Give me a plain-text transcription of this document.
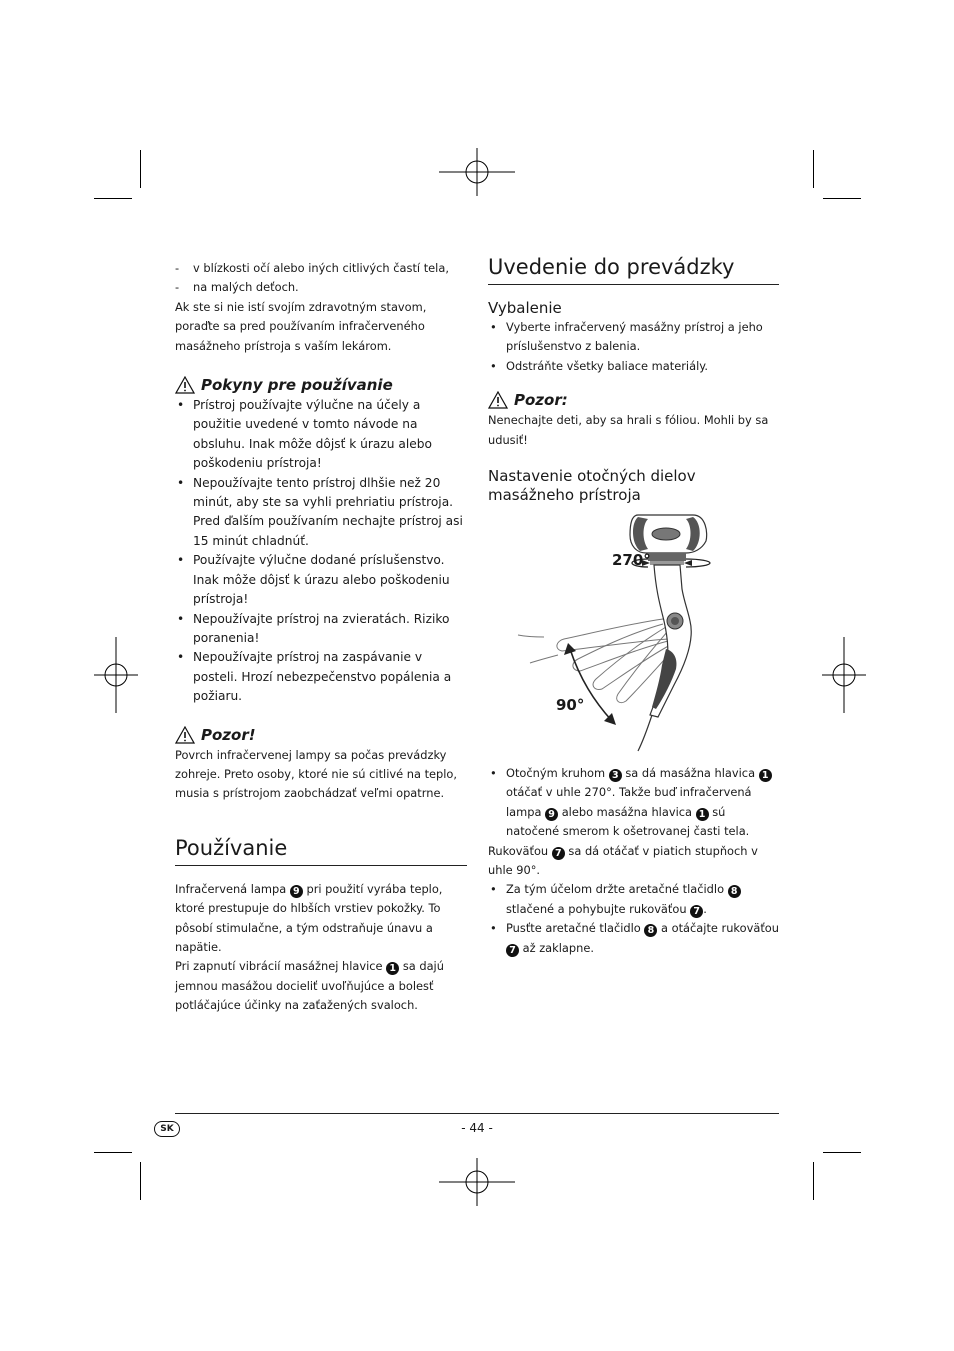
- v blízkosti očí alebo iných citlivých častí tela,

- na malých deťoch.

Ak ste si nie istí svojím zdravotným stavom, poraďte sa pred používaním infračerveného masážneho prístroja s vaším lekárom.

Pokyny pre používanie
• Prístroj používajte výlučne na účely a použitie uvedené v tomto návode na obsluhu. Inak môže dôjsť k úrazu alebo poškodeniu prístroja!
• Nepoužívajte tento prístroj dlhšie než 20 minút, aby ste sa vyhli prehriatiu prístroja. Pred ďalším používaním nechajte prístroj asi 15 minút chladnúť.
• Používajte výlučne dodané príslušenstvo. Inak môže dôjsť k úrazu alebo poškodeniu prístroja!
• Nepoužívajte prístroj na zvieratách. Riziko poranenia!
• Nepoužívajte prístroj na zaspávanie v posteli. Hrozí nebezpečenstvo popálenia a požiaru.
Pozor!

Povrch infračervenej lampy sa počas prevádzky zohreje. Preto osoby, ktoré nie sú citlivé na teplo, musia s prístrojom zaobchádzať veľmi opatrne.

Používanie

Infračervená lampa 9 pri použití vyrába teplo, ktoré prestupuje do hlbších vrstiev pokožky. To pôsobí stimulačne, a tým odstraňuje únavu a napätie.

Pri zapnutí vibrácií masážnej hlavice 1 sa dajú jemnou masážou docieliť uvoľňujúce a bolesť potláčajúce účinky na zaťažených svaloch.

Uvedenie do prevádzky
Vybalenie
• Vyberte infračervený masážny prístroj a jeho príslušenstvo z balenia.
• Odstráňte všetky baliace materiály.
Pozor:

Nenechajte deti, aby sa hrali s fóliou. Mohli by sa udusiť!

Nastavenie otočných dielov masážneho prístroja
270°
90°
• Otočným kruhom 3 sa dá masážna hlavica 1 otáčať v uhle 270°. Takže buď infračervená lampa 9 alebo masážna hlavica 1 sú natočené smerom k ošetrovanej časti tela.

Rukoväťou 7 sa dá otáčať v piatich stupňoch v uhle 90°.

• Za tým účelom držte aretačné tlačidlo 8 stlačené a pohybujte rukoväťou 7 .
• Pusťte aretačné tlačidlo 8 a otáčajte rukoväťou 7 až zaklapne.
SK	- 44 -
